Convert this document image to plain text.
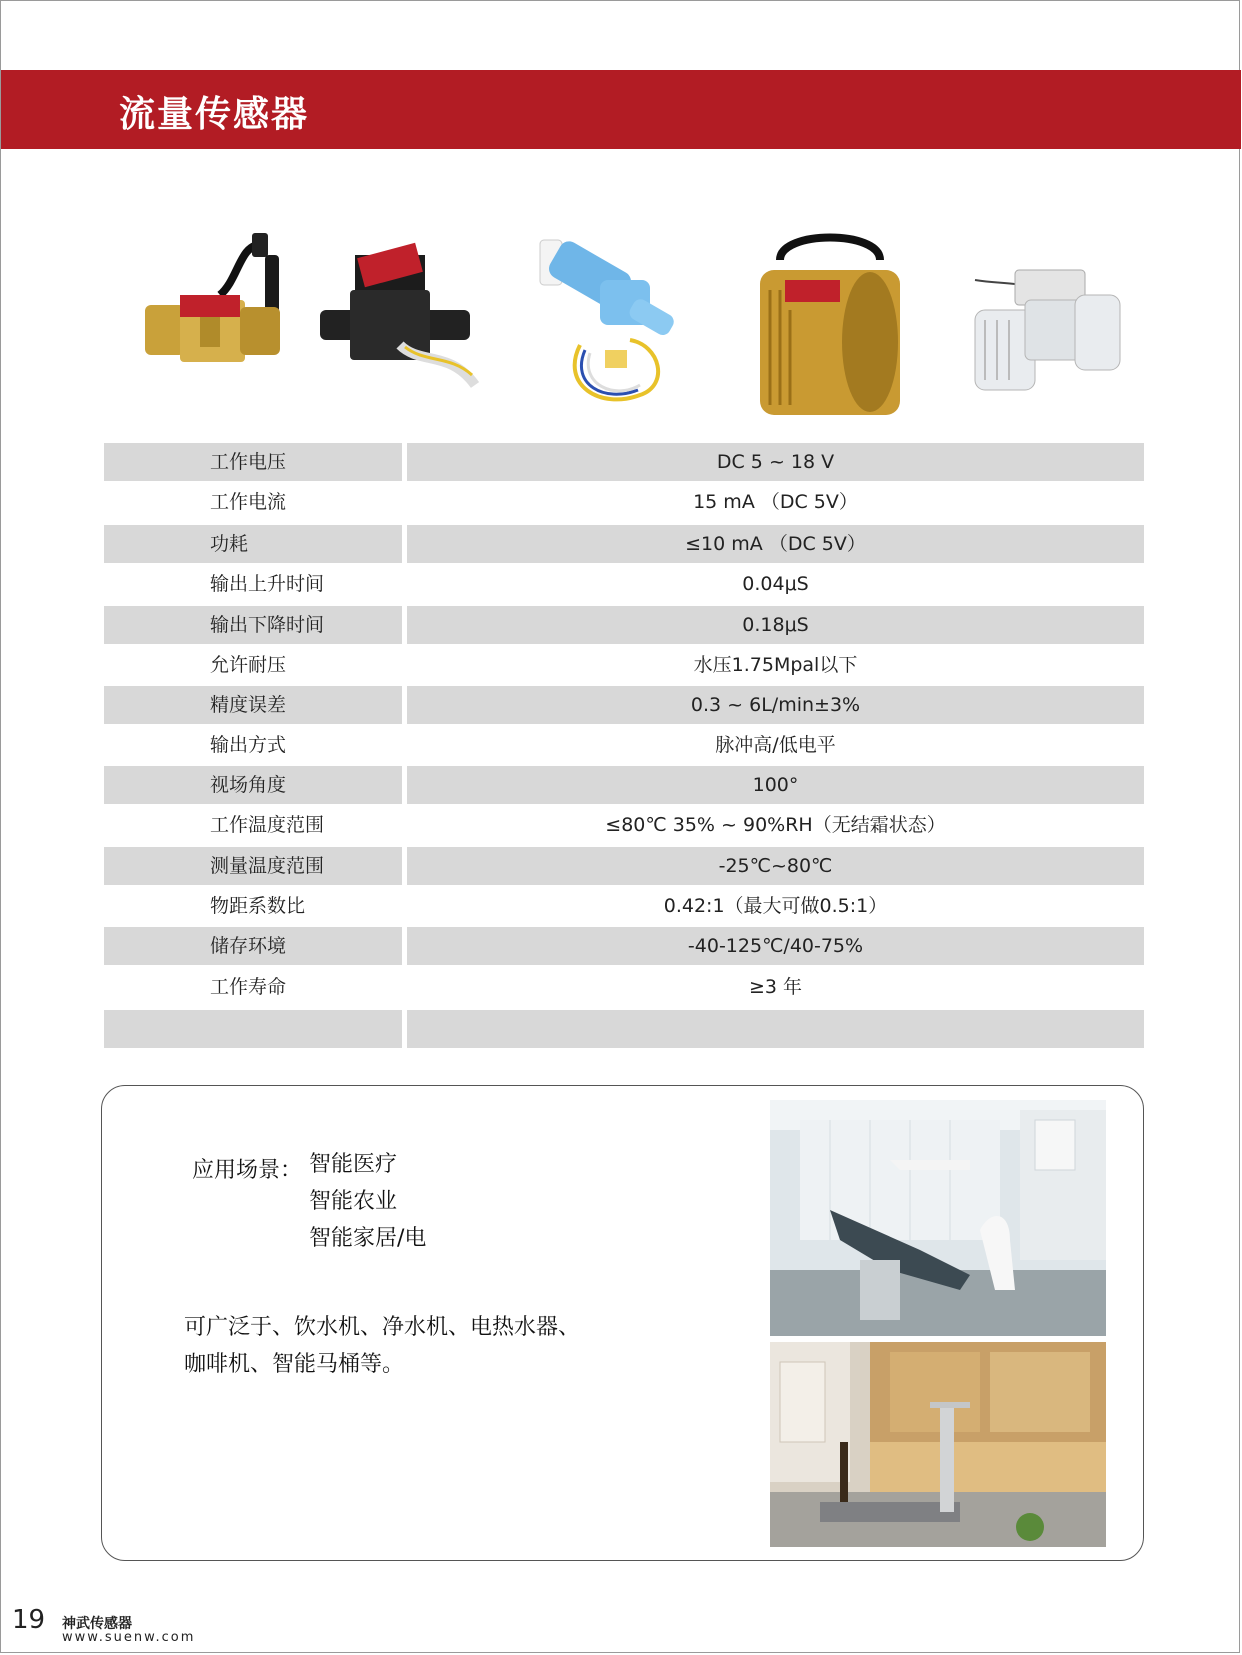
流量传感器
工作电压	DC 5 ~ 18 V
工作电流	15 mA （DC 5V）
功耗	≤10 mA （DC 5V）
输出上升时间	0.04μS
输出下降时间	0.18μS
允许耐压	水压1.75Mpal以下
精度误差	0.3 ~ 6L/min±3%
输出方式	脉冲高/低电平
视场角度	100°
工作温度范围	≤80℃ 35% ~ 90%RH（无结霜状态）
测量温度范围	-25℃~80℃
物距系数比	0.42:1（最大可做0.5:1）
储存环境	-40-125℃/40-75%
工作寿命	≥3 年
应用场景： 智能医疗
智能农业
智能家居/电
可广泛于、饮水机、净水机、电热水器、
咖啡机、智能马桶等。
19 神武传感器
www.suenw.com
